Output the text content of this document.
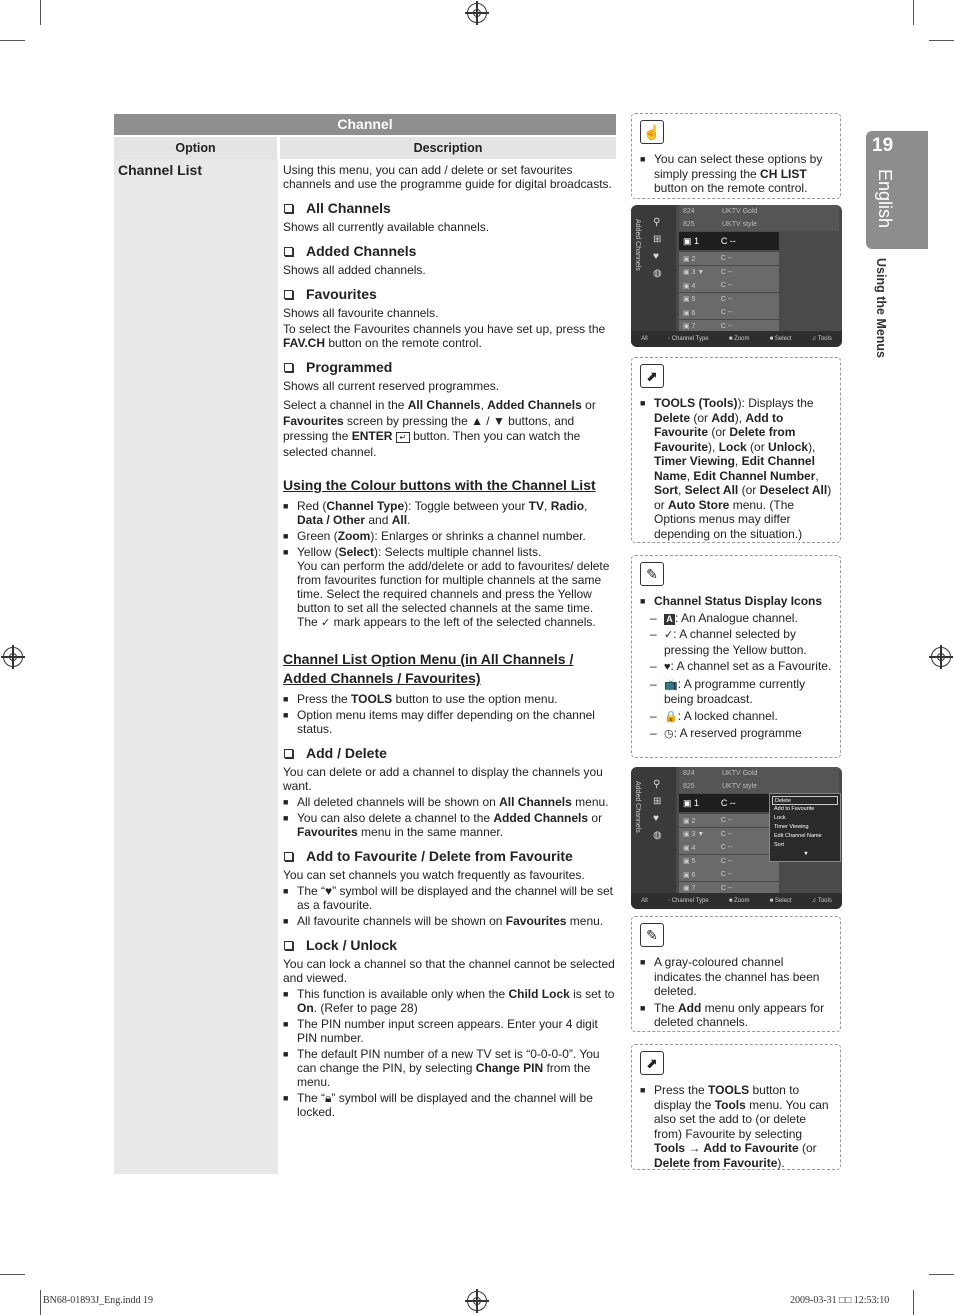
Channel
Option	Description
Channel List	Using this menu, you can add / delete or set favourites channels and use the programme guide for digital broadcasts.
All Channels
Shows all currently available channels.
Added Channels
Shows all added channels.
Favourites
Shows all favourite channels.
To select the Favourites channels you have set up, press the FAV.CH button on the remote control.
Programmed
Shows all current reserved programmes.
Select a channel in the All Channels, Added Channels or Favourites screen by pressing the ▲ / ▼ buttons, and pressing the ENTER ↵ button. Then you can watch the selected channel.
Using the Colour buttons with the Channel List
■ Red (Channel Type): Toggle between your TV, Radio, Data / Other and All.
■ Green (Zoom): Enlarges or shrinks a channel number.
■ Yellow (Select): Selects multiple channel lists.
You can perform the add/delete or add to favourites/ delete from favourites function for multiple channels at the same time. Select the required channels and press the Yellow button to set all the selected channels at the same time. The ✓ mark appears to the left of the selected channels.
Channel List Option Menu (in All Channels /
Added Channels / Favourites)
■ Press the TOOLS button to use the option menu.
■ Option menu items may differ depending on the channel status.
Add / Delete
You can delete or add a channel to display the channels you want.
■ All deleted channels will be shown on All Channels menu.
■ You can also delete a channel to the Added Channels or Favourites menu in the same manner.
Add to Favourite / Delete from Favourite
You can set channels you watch frequently as favourites.
■ The “♥” symbol will be displayed and the channel will be set as a favourite.
■ All favourite channels will be shown on Favourites menu.
Lock / Unlock
You can lock a channel so that the channel cannot be selected and viewed.
■ This function is available only when the Child Lock is set to On. (Refer to page 28)
■ The PIN number input screen appears. Enter your 4 digit PIN number.
■ The default PIN number of a new TV set is “0-0-0-0”. You can change the PIN, by selecting Change PIN from the menu.
■ The “🔒︎” symbol will be displayed and the channel will be locked.
☝
■ You can select these options by simply pressing the CH LIST button on the remote control.
Added Channels ⚲
⊞
♥
◍
824	UKTV Gold
825	UKTV style
▣ 1	C --
▣ 2	C --
▣ 3 ▼	C --
▣ 4	C --
▣ 5	C --
▣ 6	C --
▣ 7	C --
All	◦ Channel Type	■ Zoom	■ Select	♫ Tools
⬈
■ TOOLS (Tools)): Displays the Delete (or Add), Add to Favourite (or Delete from Favourite), Lock (or Unlock), Timer Viewing, Edit Channel Name, Edit Channel Number, Sort, Select All (or Deselect All) or Auto Store menu. (The Options menus may differ depending on the situation.)
✎
■ Channel Status Display Icons
–	A : An Analogue channel.
– ✓: A channel selected by pressing the Yellow button.
– ♥: A channel set as a Favourite.
– 📺: A programme currently being broadcast.
– 🔒: A locked channel.
– ◷: A reserved programme
Added Channels ⚲
⊞
♥
◍
824	UKTV Gold
825	UKTV style
▣ 1	C --
▣ 2	C --
▣ 3 ▼	C --
▣ 4	C --
▣ 5	C --
▣ 6	C --
▣ 7	C --
Delete
Add to Favourite
Lock
Timer Viewing
Edit Channel Name
Sort
▼
All	◦ Channel Type	■ Zoom	■ Select	♫ Tools
✎
■ A gray-coloured channel indicates the channel has been deleted.
■ The Add menu only appears for deleted channels.
⬈
■ Press the TOOLS button to display the Tools menu. You can also set the add to (or delete from) Favourite by selecting Tools → Add to Favourite (or Delete from Favourite).
19
English
Using the Menus
BN68-01893J_Eng.indd 19	2009-03-31 □□ 12:53:10
